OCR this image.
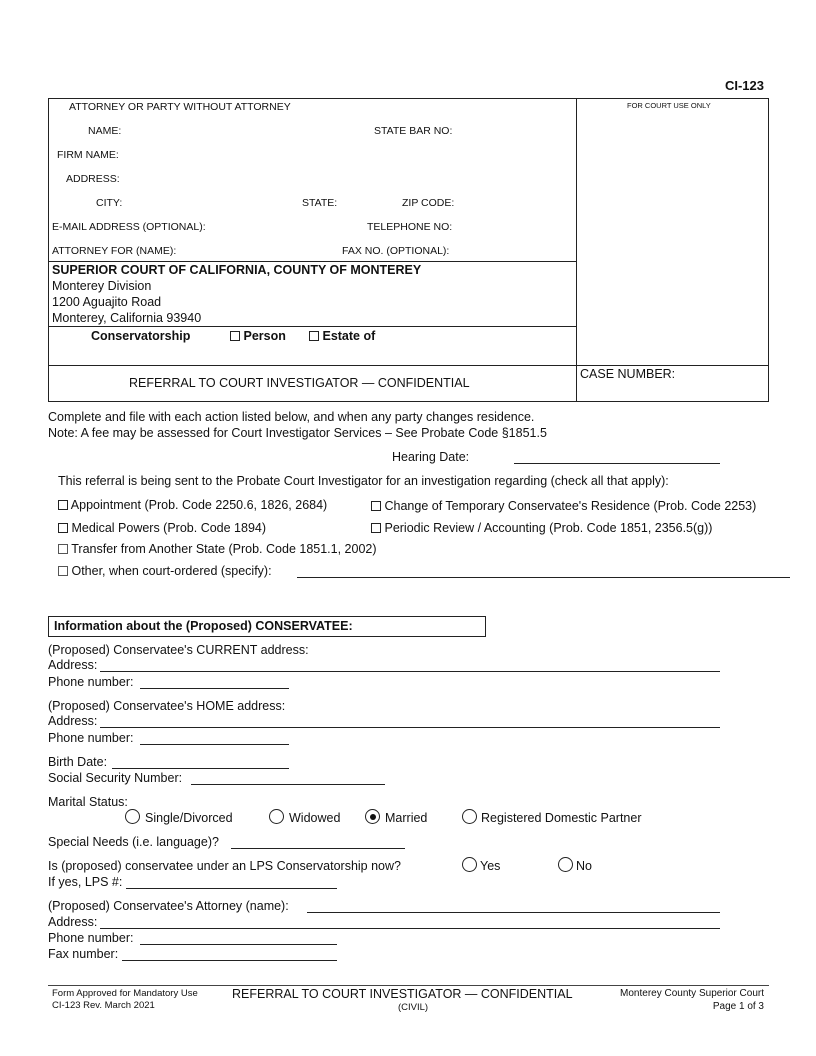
CI-123
ATTORNEY OR PARTY WITHOUT ATTORNEY
NAME:	STATE BAR NO:
FIRM NAME:
ADDRESS:
CITY:	STATE:	ZIP CODE:
E-MAIL ADDRESS (OPTIONAL):	TELEPHONE NO:
ATTORNEY FOR (NAME):	FAX NO. (OPTIONAL):
FOR COURT USE ONLY
SUPERIOR COURT OF CALIFORNIA, COUNTY OF MONTEREY
Monterey Division
1200 Aguajito Road
Monterey, California 93940
Conservatorship	Person	Estate of
REFERRAL TO COURT INVESTIGATOR — CONFIDENTIAL
CASE NUMBER:
Complete and file with each action listed below, and when any party changes residence.
Note: A fee may be assessed for Court Investigator Services – See Probate Code §1851.5
Hearing Date:
This referral is being sent to the Probate Court Investigator for an investigation regarding (check all that apply):
Appointment (Prob. Code 2250.6, 1826, 2684)	Change of Temporary Conservatee's Residence (Prob. Code 2253)
Medical Powers (Prob. Code 1894)	Periodic Review / Accounting (Prob. Code 1851, 2356.5(g))
Transfer from Another State (Prob. Code 1851.1, 2002)
Other, when court-ordered (specify):
Information about the (Proposed) CONSERVATEE:
(Proposed) Conservatee's CURRENT address:
Address:
Phone number:
(Proposed) Conservatee's HOME address:
Address:
Phone number:
Birth Date:
Social Security Number:
Marital Status:
Single/Divorced	Widowed	Married	Registered Domestic Partner
Special Needs (i.e. language)?
Is (proposed) conservatee under an LPS Conservatorship now?	Yes	No
If yes, LPS #:
(Proposed) Conservatee's Attorney (name):
Address:
Phone number:
Fax number:
Form Approved for Mandatory Use
CI-123 Rev. March 2021
REFERRAL TO COURT INVESTIGATOR — CONFIDENTIAL
(CIVIL)
Monterey County Superior Court
Page 1 of 3
